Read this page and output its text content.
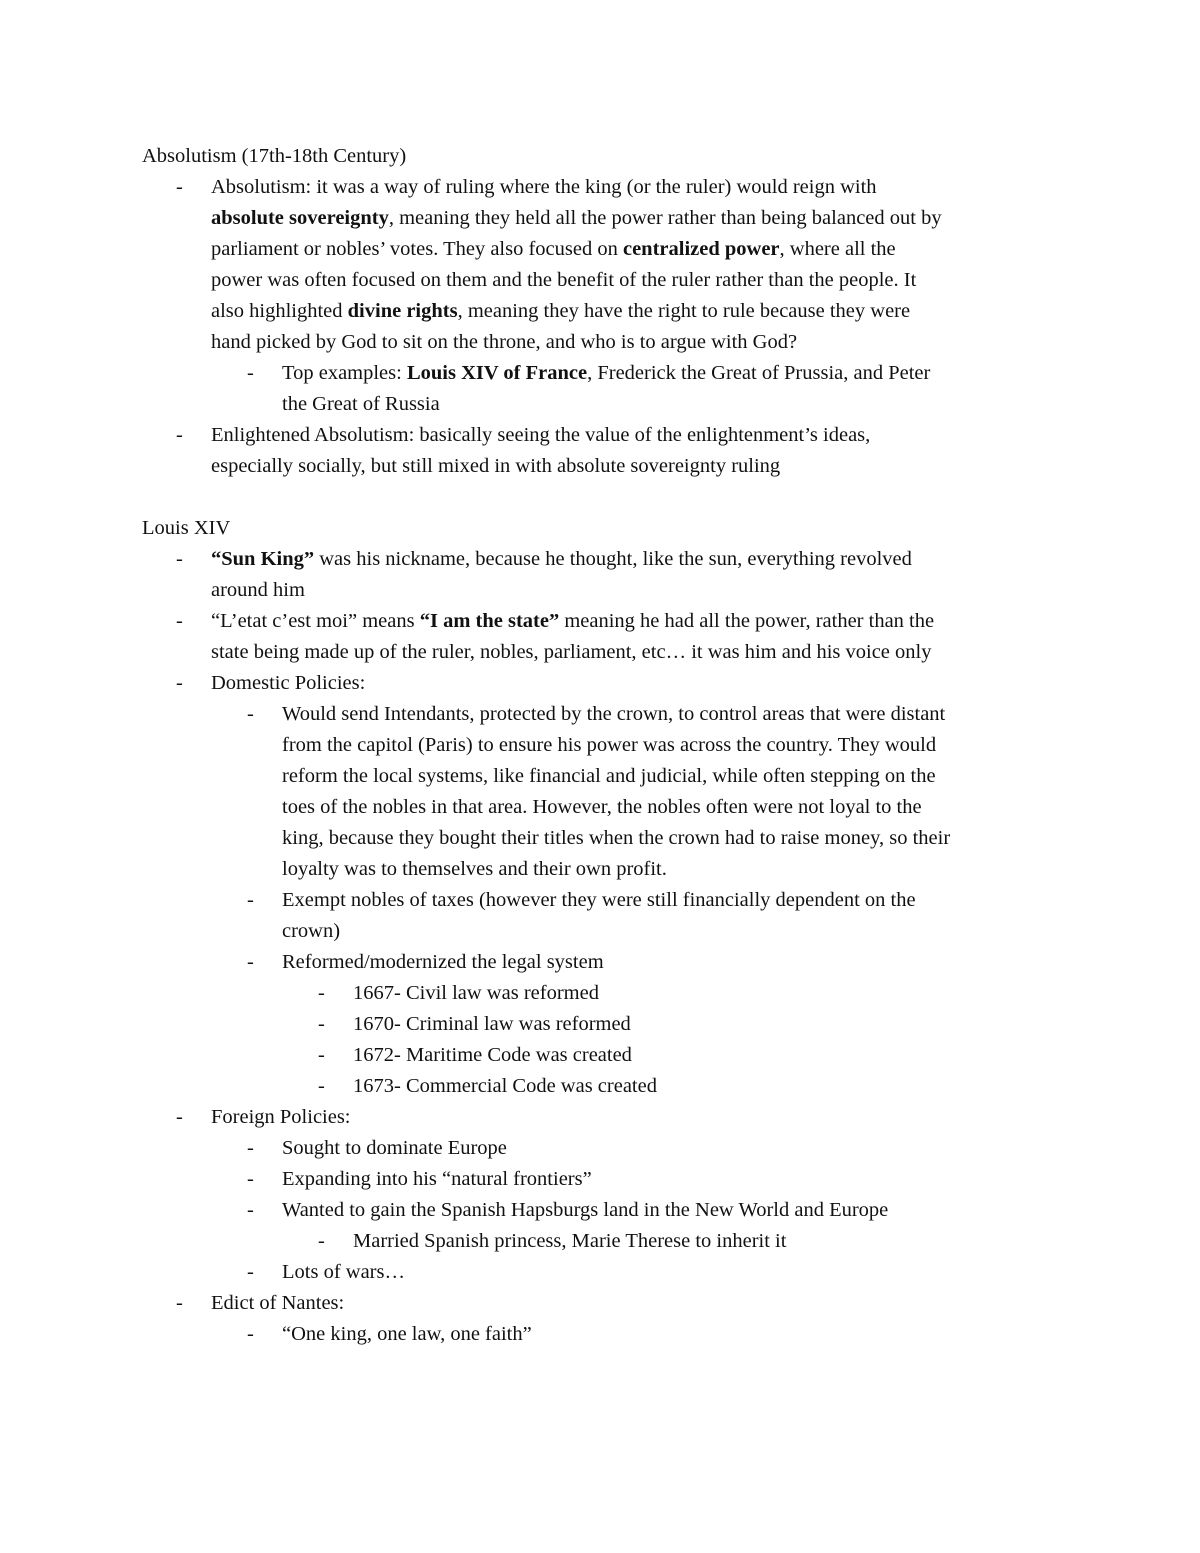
Absolutism (17th-18th Century)
- Absolutism: it was a way of ruling where the king (or the ruler) would reign with
absolute sovereignty, meaning they held all the power rather than being balanced out by
parliament or nobles’ votes. They also focused on centralized power, where all the
power was often focused on them and the benefit of the ruler rather than the people. It
also highlighted divine rights, meaning they have the right to rule because they were
hand picked by God to sit on the throne, and who is to argue with God?
- Top examples: Louis XIV of France, Frederick the Great of Prussia, and Peter
the Great of Russia
- Enlightened Absolutism: basically seeing the value of the enlightenment’s ideas,
especially socially, but still mixed in with absolute sovereignty ruling
Louis XIV
- “Sun King” was his nickname, because he thought, like the sun, everything revolved
around him
- “L’etat c’est moi” means “I am the state” meaning he had all the power, rather than the
state being made up of the ruler, nobles, parliament, etc… it was him and his voice only
- Domestic Policies:
- Would send Intendants, protected by the crown, to control areas that were distant
from the capitol (Paris) to ensure his power was across the country. They would
reform the local systems, like financial and judicial, while often stepping on the
toes of the nobles in that area. However, the nobles often were not loyal to the
king, because they bought their titles when the crown had to raise money, so their
loyalty was to themselves and their own profit.
- Exempt nobles of taxes (however they were still financially dependent on the
crown)
- Reformed/modernized the legal system
- 1667- Civil law was reformed
- 1670- Criminal law was reformed
- 1672- Maritime Code was created
- 1673- Commercial Code was created
- Foreign Policies:
- Sought to dominate Europe
- Expanding into his “natural frontiers”
- Wanted to gain the Spanish Hapsburgs land in the New World and Europe
- Married Spanish princess, Marie Therese to inherit it
- Lots of wars…
- Edict of Nantes:
- “One king, one law, one faith”
